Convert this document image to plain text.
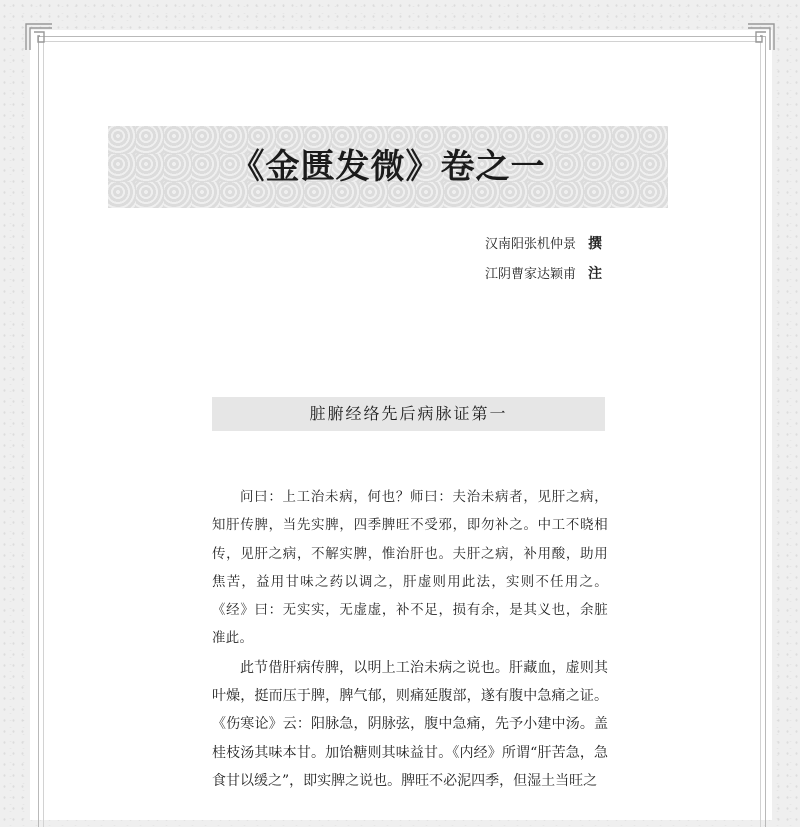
《金匮发微》卷之一
汉南阳张机仲景 撰
江阴曹家达颖甫 注
脏腑经络先后病脉证第一

问曰：上工治未病，何也？师曰：夫治未病者，见肝之病，知肝传脾，当先实脾，四季脾旺不受邪，即勿补之。中工不晓相传，见肝之病，不解实脾，惟治肝也。夫肝之病，补用酸，助用焦苦，益用甘味之药以调之，肝虚则用此法，实则不任用之。《经》曰：无实实，无虚虚，补不足，损有余，是其义也，余脏准此。

此节借肝病传脾，以明上工治未病之说也。肝藏血，虚则其叶燥，挺而压于脾，脾气郁，则痛延腹部，遂有腹中急痛之证。《伤寒论》云：阳脉急，阴脉弦，腹中急痛，先予小建中汤。盖桂枝汤其味本甘。加饴糖则其味益甘。《内经》所谓“肝苦急，急食甘以缓之”，即实脾之说也。脾旺不必泥四季，但湿土当旺之
